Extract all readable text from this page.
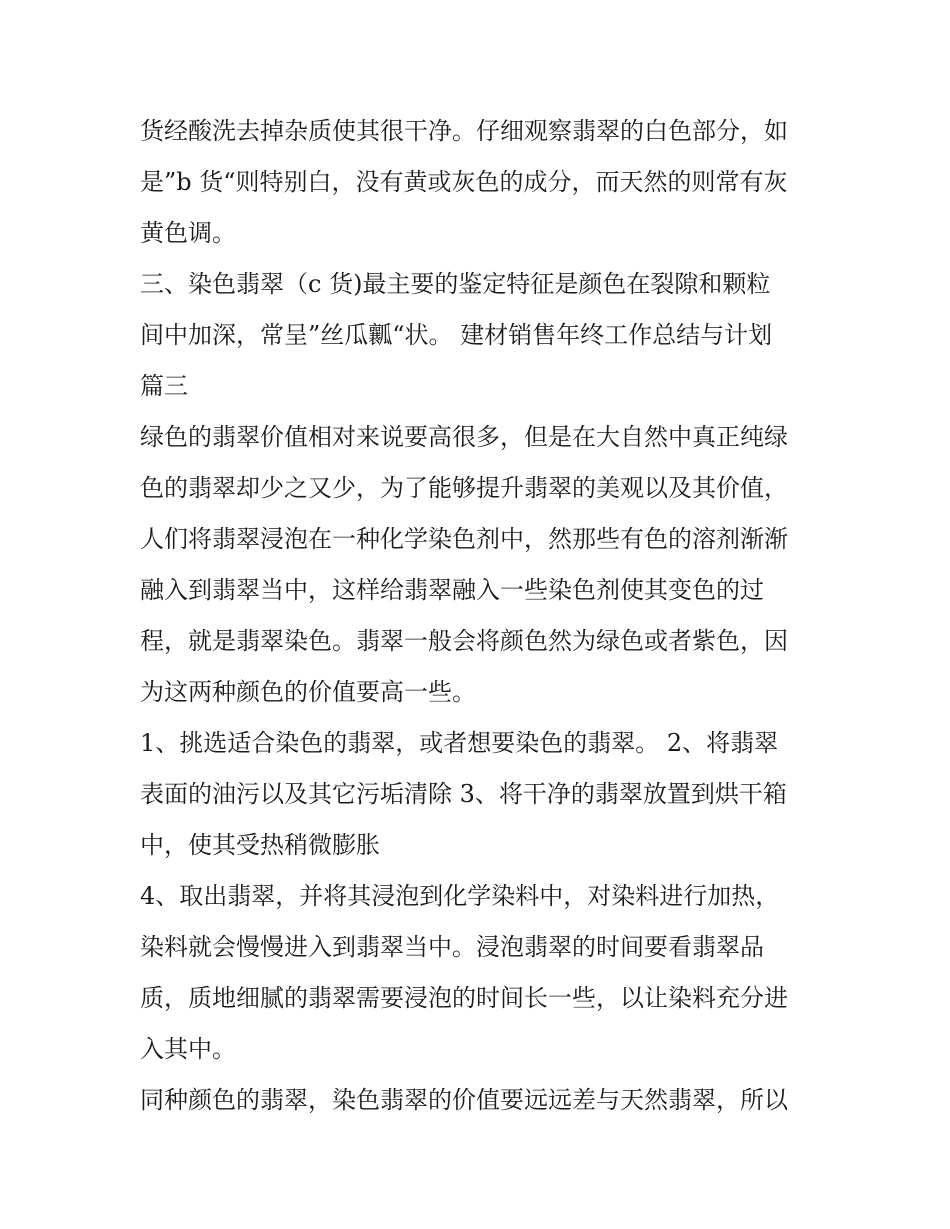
货经酸洗去掉杂质使其很干净。仔细观察翡翠的白色部分，如
是”b 货“则特别白，没有黄或灰色的成分，而天然的则常有灰
黄色调。
三、染色翡翠（c 货)最主要的鉴定特征是颜色在裂隙和颗粒
间中加深，常呈”丝瓜瓤“状。 建材销售年终工作总结与计划
篇三
绿色的翡翠价值相对来说要高很多，但是在大自然中真正纯绿
色的翡翠却少之又少，为了能够提升翡翠的美观以及其价值，
人们将翡翠浸泡在一种化学染色剂中，然那些有色的溶剂渐渐
融入到翡翠当中，这样给翡翠融入一些染色剂使其变色的过
程，就是翡翠染色。翡翠一般会将颜色然为绿色或者紫色，因
为这两种颜色的价值要高一些。
1、挑选适合染色的翡翠，或者想要染色的翡翠。 2、将翡翠
表面的油污以及其它污垢清除 3、将干净的翡翠放置到烘干箱
中，使其受热稍微膨胀
4、取出翡翠，并将其浸泡到化学染料中，对染料进行加热，
染料就会慢慢进入到翡翠当中。浸泡翡翠的时间要看翡翠品
质，质地细腻的翡翠需要浸泡的时间长一些，以让染料充分进
入其中。
同种颜色的翡翠，染色翡翠的价值要远远差与天然翡翠，所以
